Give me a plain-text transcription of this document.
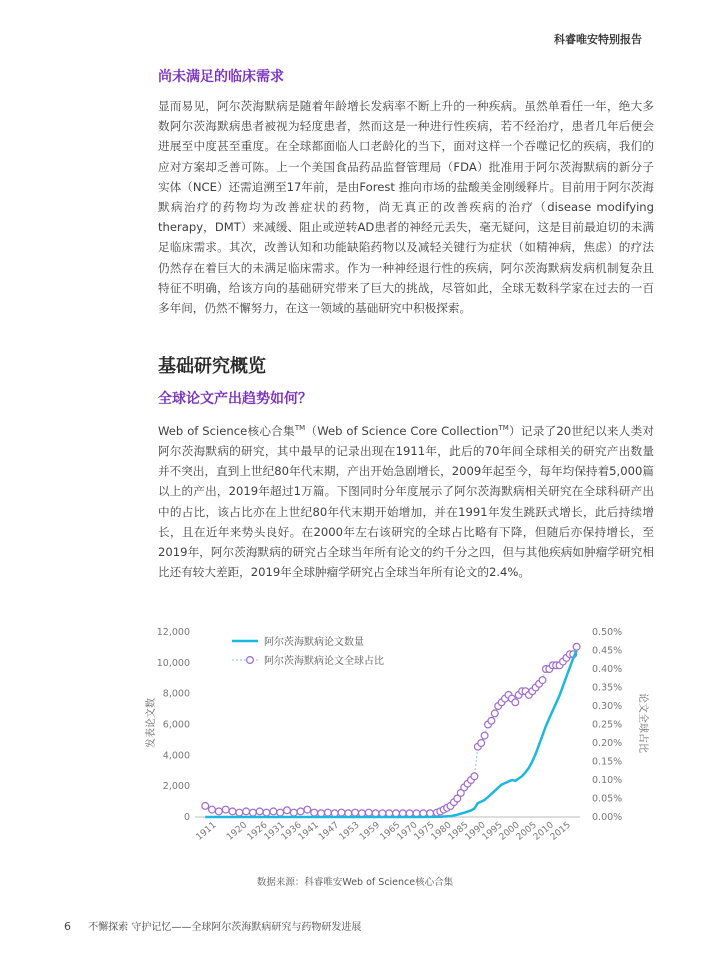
科睿唯安特别报告
尚未满足的临床需求
显而易见，阿尔茨海默病是随着年龄增长发病率不断上升的一种疾病。虽然单看任一年，绝大多数阿尔茨海默病患者被视为轻度患者，然而这是一种进行性疾病，若不经治疗，患者几年后便会进展至中度甚至重度。在全球都面临人口老龄化的当下，面对这样一个吞噬记忆的疾病，我们的应对方案却乏善可陈。上一个美国食品药品监督管理局（FDA）批准用于阿尔茨海默病的新分子实体（NCE）还需追溯至17年前，是由Forest 推向市场的盐酸美金刚缓释片。目前用于阿尔茨海默病治疗的药物均为改善症状的药物，尚无真正的改善疾病的治疗（disease modifying therapy，DMT）来减缓、阻止或逆转AD患者的神经元丢失，毫无疑问，这是目前最迫切的未满足临床需求。其次，改善认知和功能缺陷药物以及减轻关键行为症状（如精神病，焦虑）的疗法仍然存在着巨大的未满足临床需求。作为一种神经退行性的疾病，阿尔茨海默病发病机制复杂且特征不明确，给该方向的基础研究带来了巨大的挑战，尽管如此，全球无数科学家在过去的一百多年间，仍然不懈努力，在这一领域的基础研究中积极探索。
基础研究概览
全球论文产出趋势如何？
Web of Science核心合集™（Web of Science Core Collection™）记录了20世纪以来人类对阿尔茨海默病的研究，其中最早的记录出现在1911年，此后的70年间全球相关的研究产出数量并不突出，直到上世纪80年代末期，产出开始急剧增长，2009年起至今，每年均保持着5,000篇以上的产出，2019年超过1万篇。下图同时分年度展示了阿尔茨海默病相关研究在全球科研产出中的占比，该占比亦在上世纪80年代末期开始增加，并在1991年发生跳跃式增长，此后持续增长，且在近年来势头良好。在2000年左右该研究的全球占比略有下降，但随后亦保持增长，至2019年，阿尔茨海默病的研究占全球当年所有论文的约千分之四，但与其他疾病如肿瘤学研究相比还有较大差距，2019年全球肿瘤学研究占全球当年所有论文的2.4%。
0
2,000
4,000
6,000
8,000
10,000
12,000
0.00%
0.05%
0.10%
0.15%
0.20%
0.25%
0.30%
0.35%
0.40%
0.45%
0.50%
1911 1920
1926
1931
1936
1941
1947
1953
1959
1965
1970
1975
1980
1985
1990
1995
2000
2005
2010
2015
发表论文数	论文全球占比
阿尔茨海默病论文数量
阿尔茨海默病论文全球占比
数据来源：科睿唯安Web of Science核心合集
6 不懈探索 守护记忆——全球阿尔茨海默病研究与药物研发进展
